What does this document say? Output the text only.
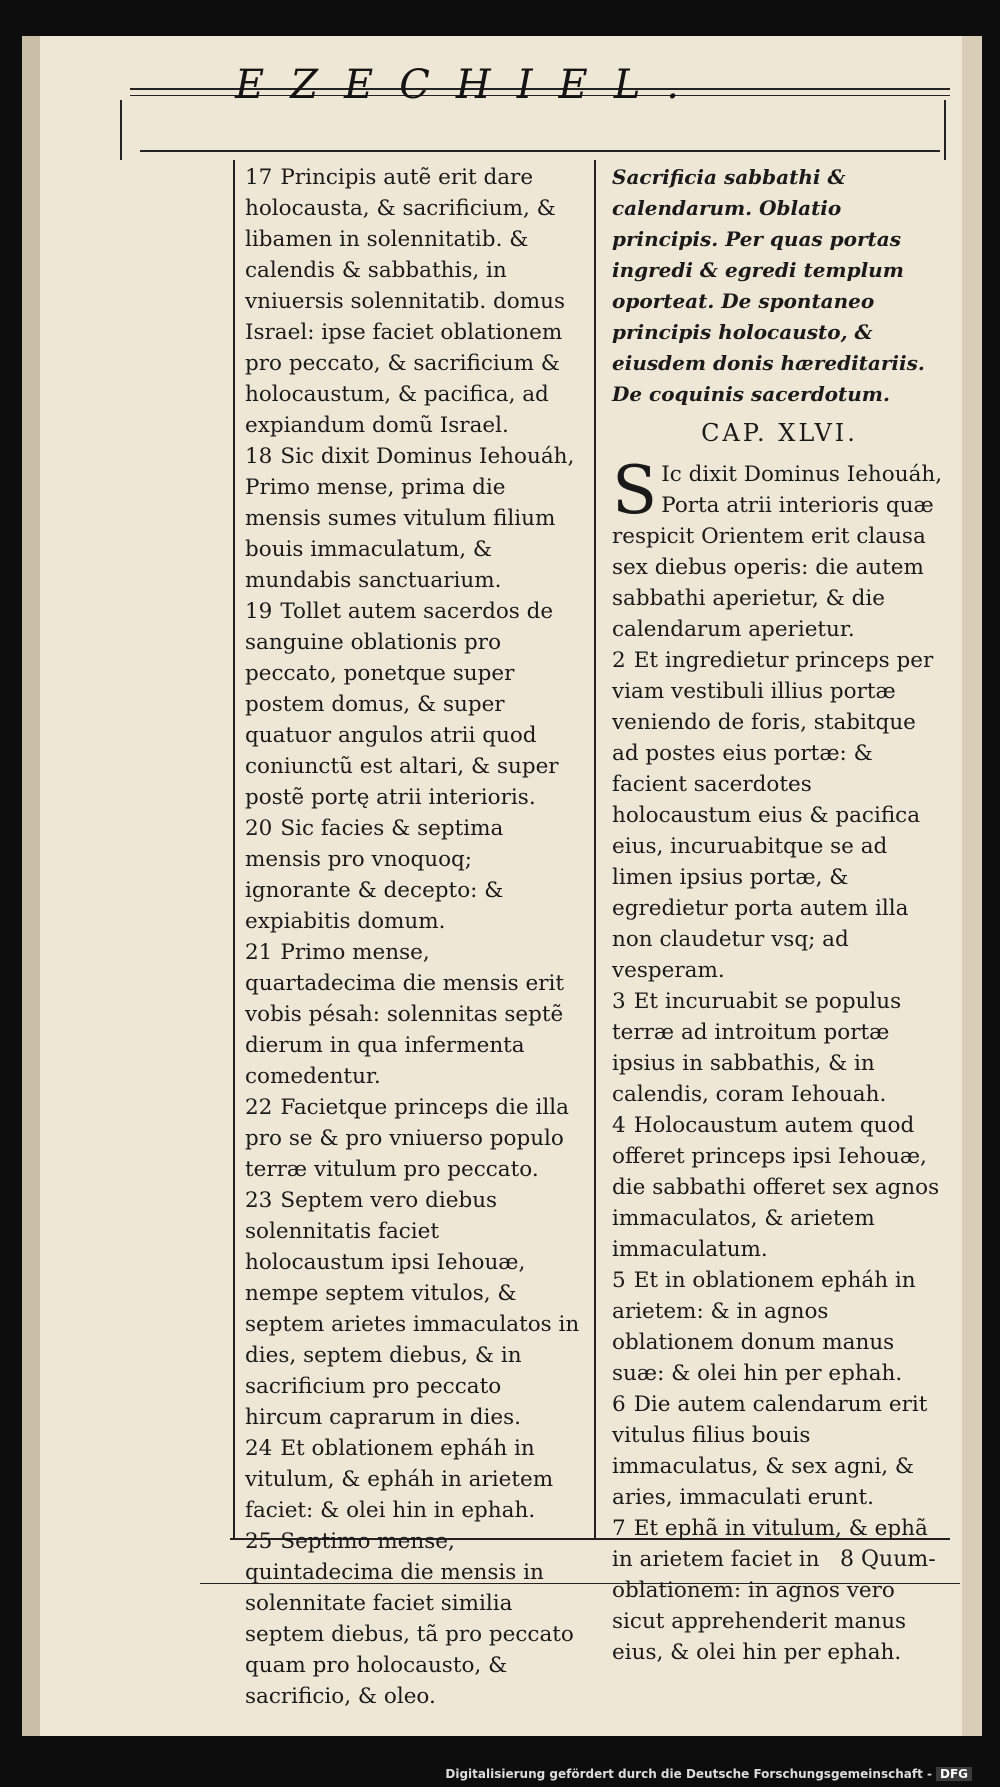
EZECHIEL.

17 Principis autẽ erit dare holocausta, & sacrificium, & libamen in solennitatib. & calendis & sabbathis, in vniuersis solennitatib. domus Israel: ipse faciet oblationem pro peccato, & sacrificium & holocaustum, & pacifica, ad expiandum domũ Israel.

18 Sic dixit Dominus Iehouáh, Primo mense, prima die mensis sumes vitulum filium bouis immaculatum, & mundabis sanctuarium.

19 Tollet autem sacerdos de sanguine oblationis pro peccato, ponetque super postem domus, & super quatuor angulos atrii quod coniunctũ est altari, & super postẽ portę atrii interioris.

20 Sic facies & septima mensis pro vnoquoq; ignorante & decepto: & expiabitis domum.

21 Primo mense, quartadecima die mensis erit vobis pésah: solennitas septẽ dierum in qua infermenta comedentur.

22 Facietque princeps die illa pro se & pro vniuerso populo terræ vitulum pro peccato.

23 Septem vero diebus solennitatis faciet holocaustum ipsi Iehouæ, nempe septem vitulos, & septem arietes immaculatos in dies, septem diebus, & in sacrificium pro peccato hircum caprarum in dies.

24 Et oblationem epháh in vitulum, & epháh in arietem faciet: & olei hin in ephah.

25 Septimo mense, quintadecima die mensis in solennitate faciet similia septem diebus, tã pro peccato quam pro holocausto, & sacrificio, & oleo.

Sacrificia sabbathi & calendarum. Oblatio principis. Per quas portas ingredi & egredi templum oporteat. De spontaneo principis holocausto, & eiusdem donis hæreditariis. De coquinis sacerdotum.

CAP. XLVI.

S Ic dixit Dominus Iehouáh, Porta atrii interioris quæ respicit Orientem erit clausa sex diebus operis: die autem sabbathi aperietur, & die calendarum aperietur.

2 Et ingredietur princeps per viam vestibuli illius portæ veniendo de foris, stabitque ad postes eius portæ: & facient sacerdotes holocaustum eius & pacifica eius, incuruabitque se ad limen ipsius portæ, & egredietur porta autem illa non claudetur vsq; ad vesperam.

3 Et incuruabit se populus terræ ad introitum portæ ipsius in sabbathis, & in calendis, coram Iehouah.

4 Holocaustum autem quod offeret princeps ipsi Iehouæ, die sabbathi offeret sex agnos immaculatos, & arietem immaculatum.

5 Et in oblationem epháh in arietem: & in agnos oblationem donum manus suæ: & olei hin per ephah.

6 Die autem calendarum erit vitulus filius bouis immaculatus, & sex agni, & aries, immaculati erunt.

7 Et ephã in vitulum, & ephã in arietem faciet in oblationem: in agnos vero sicut apprehenderit manus eius, & olei hin per ephah.

8 Quum-
Digitalisierung gefördert durch die Deutsche Forschungsgemeinschaft - DFG
